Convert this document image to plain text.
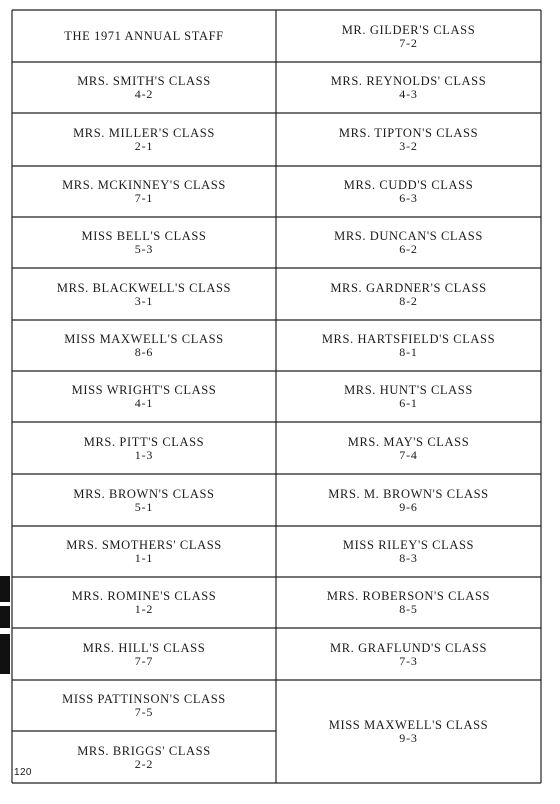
THE 1971 ANNUAL STAFF
MRS. SMITH'S CLASS
4-2
MRS. MILLER'S CLASS
2-1
MRS. MCKINNEY'S CLASS
7-1
MISS BELL'S CLASS
5-3
MRS. BLACKWELL'S CLASS
3-1
MISS MAXWELL'S CLASS
8-6
MISS WRIGHT'S CLASS
4-1
MRS. PITT'S CLASS
1-3
MRS. BROWN'S CLASS
5-1
MRS. SMOTHERS' CLASS
1-1
MRS. ROMINE'S CLASS
1-2
MRS. HILL'S CLASS
7-7
MISS PATTINSON'S CLASS
7-5
MRS. BRIGGS' CLASS
2-2
MR. GILDER'S CLASS
7-2
MRS. REYNOLDS' CLASS
4-3
MRS. TIPTON'S CLASS
3-2
MRS. CUDD'S CLASS
6-3
MRS. DUNCAN'S CLASS
6-2
MRS. GARDNER'S CLASS
8-2
MRS. HARTSFIELD'S CLASS
8-1
MRS. HUNT'S CLASS
6-1
MRS. MAY'S CLASS
7-4
MRS. M. BROWN'S CLASS
9-6
MISS RILEY'S CLASS
8-3
MRS. ROBERSON'S CLASS
8-5
MR. GRAFLUND'S CLASS
7-3
MISS MAXWELL'S CLASS
9-3
120
